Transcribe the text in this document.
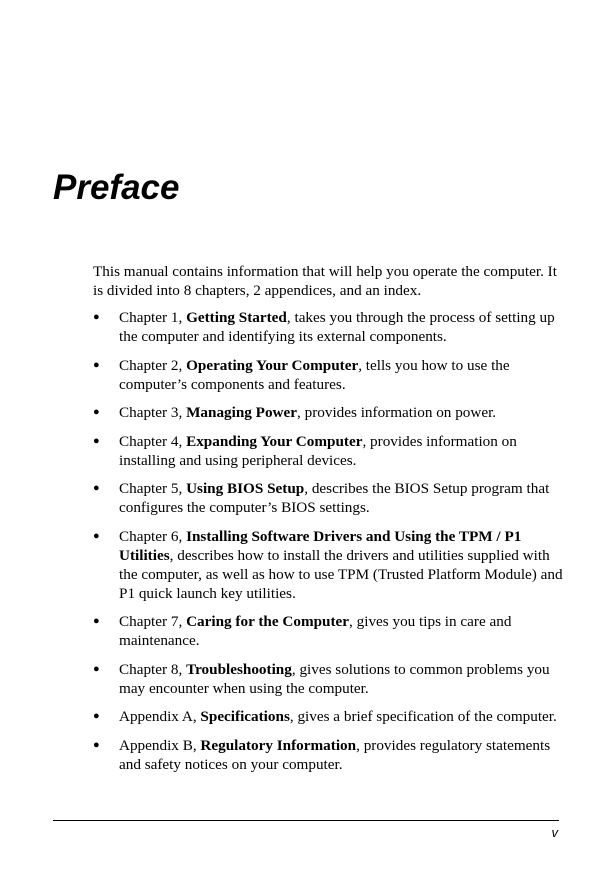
Preface

This manual contains information that will help you operate the computer. It is divided into 8 chapters, 2 appendices, and an index.

● Chapter 1, Getting Started, takes you through the process of setting up the computer and identifying its external components.
● Chapter 2, Operating Your Computer, tells you how to use the computer’s components and features.
● Chapter 3, Managing Power, provides information on power.
● Chapter 4, Expanding Your Computer, provides information on installing and using peripheral devices.
● Chapter 5, Using BIOS Setup, describes the BIOS Setup program that configures the computer’s BIOS settings.
● Chapter 6, Installing Software Drivers and Using the TPM / P1 Utilities, describes how to install the drivers and utilities supplied with the computer, as well as how to use TPM (Trusted Platform Module) and P1 quick launch key utilities.
● Chapter 7, Caring for the Computer, gives you tips in care and maintenance.
● Chapter 8, Troubleshooting, gives solutions to common problems you may encounter when using the computer.
● Appendix A, Specifications, gives a brief specification of the computer.
● Appendix B, Regulatory Information, provides regulatory statements and safety notices on your computer.
v
